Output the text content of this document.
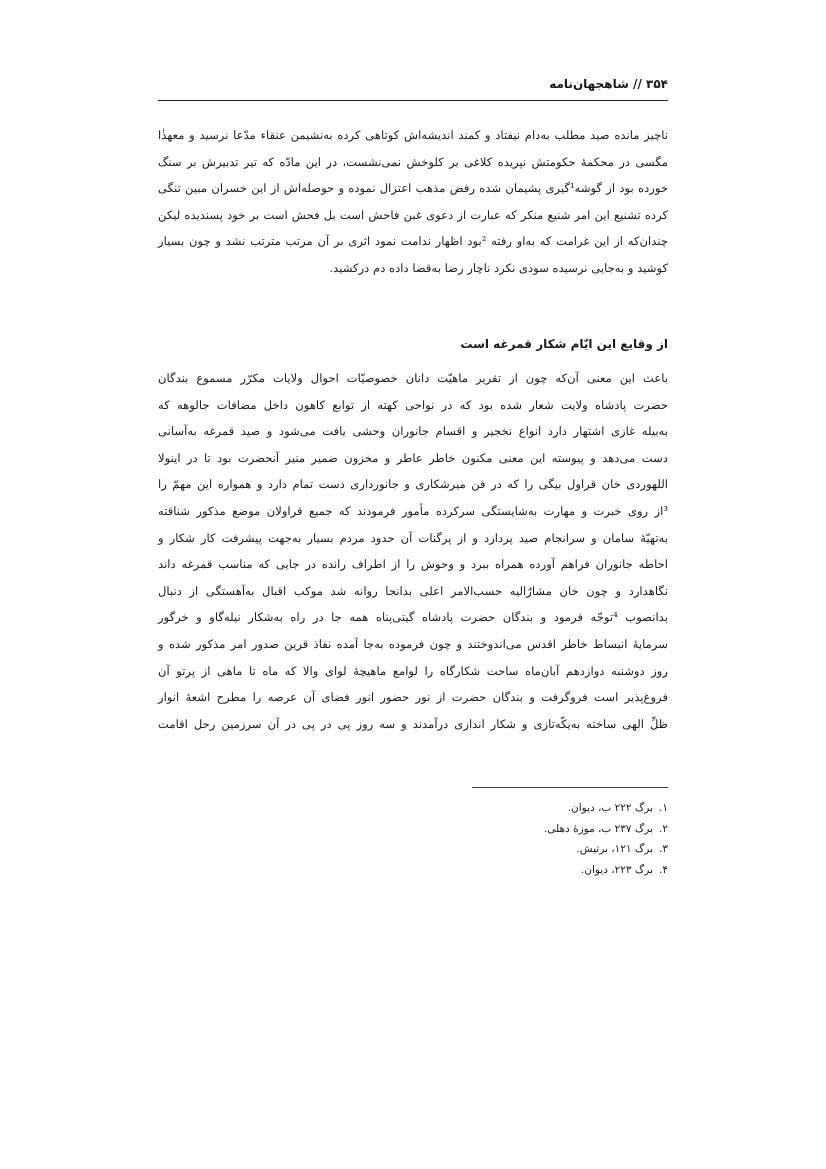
۳۵۴ // شاهجهان‌نامه

ناچیز مانده صید مطلب به‌دام نیفتاد و کمند اندیشه‌اش کوتاهی کرده به‌نشیمن عنقاء مدّعا نرسید و معهذٰا مگسی در محکمهٔ حکومتش نپریده کلاغی بر کلوخش نمی‌نشست، در این مادّه که تیر تدبیرش بر سنگ خورده بود از گوشه‌¹گیری پشیمان شده رفض مذهب اعتزال نموده و حوصله‌اش از این خسران مبین تنگی کرده تشنیع این امر شنیع منکر که عبارت از دعوی غبن فاحش است بل فحش است بر خود پسندیده لیکن چندان‌که از این غرامت که به‌او رفته ²بود اظهار ندامت نمود اثری بر آن مرتب مترتب نشد و چون بسیار کوشید و به‌جایی نرسیده سودی نکرد ناچار رضا به‌قضا داده دم درکشید.

از وقایع این ایّام شکار قمرغه است
باعث این معنی آن‌که چون از تقریر ماهیّت دانان خصوصیّات احوال ولایات مکرّر مسموع بندگان
حضرت پادشاه ولایت شعار شده بود که در نواحی کهته از توابع کاهون داخل مضافات جالوهه که
به‌بیله غازی اشتهار دارد انواع نخجیر و اقسام جانوران وحشی یافت می‌شود و صید قمرغه به‌آسانی
دست می‌دهد و پیوسته این معنی مکنون خاطر عاطر و مخزون ضمیر منیر آنحضرت بود تا در اینولا
اللهوردی خان قراول بیگی را که در فن میرشکاری و جانورداری دست تمام دارد و همواره این مهمّ را
³از روی خبرت و مهارت به‌شایستگی سرکرده مأمور فرمودند که جمیع قراولان موضع مذکور شناقته
به‌تهیّهٔ سامان و سرانجام صید پردازد و از پرگنات آن حدود مردم بسیار به‌جهت پیشرفت کار شکار و
احاطه جانوران فراهم آورده همراه ببرد و وحوش را از اطراف رانده در جایی که مناسب قمرغه داند
نگاهدارد و چون خان مشارٌالیه حسب‌الامر اعلی بدانجا روانه شد موکب اقبال به‌آهستگی از دنبال
بدانصوب ⁴توجّه فرمود و بندگان حضرت پادشاه گیتی‌پناه همه جا در راه به‌شکار نیله‌گاو و خرگور
سرمایهٔ انبساط خاطر اقدس می‌اندوختند و چون فرموده به‌جا آمده نفاذ قرین صدور امر مذکور شده و
روز دوشنبه دوازدهم آبان‌ماه ساحت شکارگاه را لوامع ماهیچهٔ لوای والا که ماه تا ماهی از پرتو آن
فروغ‌پذیر است فروگرفت و بندگان حضرت از نور حضور انور فضای آن عرصه را مطرح اشعهٔ انوار
ظلِّ الهی ساخته به‌یکّه‌تازی و شکار اندازی درآمدند و سه روز پی در پی در آن سرزمین رحل اقامت
۱.برگ ۲۲۲ ب، دیوان.
۲.برگ ۲۳۷ ب، موزهٔ دهلی.
۳.برگ ۱۲۱، برتیش.
۴.برگ ۲۲۳، دیوان.
